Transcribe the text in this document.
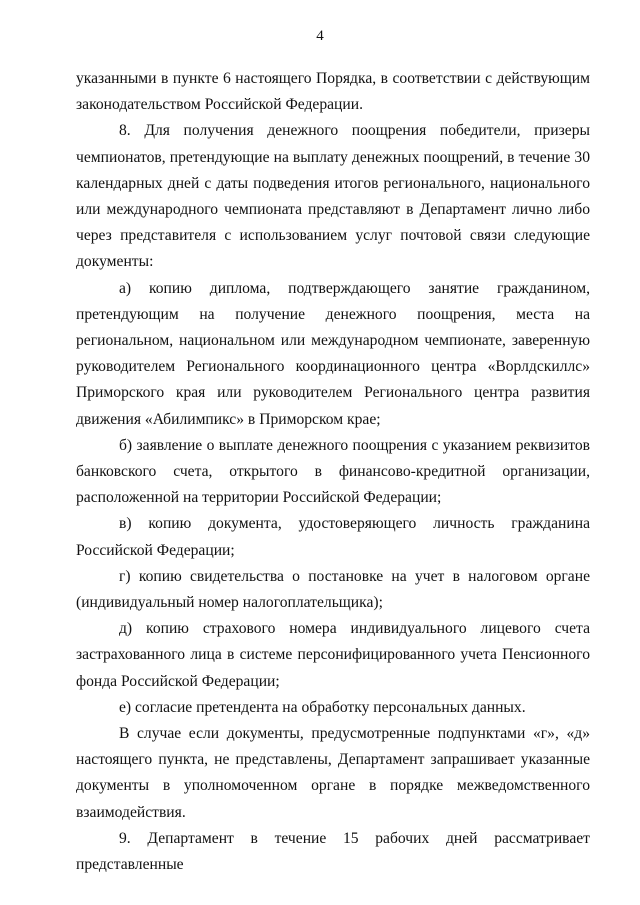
4

указанными в пункте 6 настоящего Порядка, в соответствии с действующим законодательством Российской Федерации.

8. Для получения денежного поощрения победители, призеры чемпионатов, претендующие на выплату денежных поощрений, в течение 30 календарных дней с даты подведения итогов регионального, национального или международного чемпионата представляют в Департамент лично либо через представителя с использованием услуг почтовой связи следующие документы:

а) копию диплома, подтверждающего занятие гражданином, претендующим на получение денежного поощрения, места на региональном, национальном или международном чемпионате, заверенную руководителем Регионального координационного центра «Ворлдскиллс» Приморского края или руководителем Регионального центра развития движения «Абилимпикс» в Приморском крае;

б) заявление о выплате денежного поощрения с указанием реквизитов банковского счета, открытого в финансово-кредитной организации, расположенной на территории Российской Федерации;

в) копию документа, удостоверяющего личность гражданина Российской Федерации;

г) копию свидетельства о постановке на учет в налоговом органе (индивидуальный номер налогоплательщика);

д) копию страхового номера индивидуального лицевого счета застрахованного лица в системе персонифицированного учета Пенсионного фонда Российской Федерации;

е) согласие претендента на обработку персональных данных.

В случае если документы, предусмотренные подпунктами «г», «д» настоящего пункта, не представлены, Департамент запрашивает указанные документы в уполномоченном органе в порядке межведомственного взаимодействия.

9. Департамент в течение 15 рабочих дней рассматривает представленные
